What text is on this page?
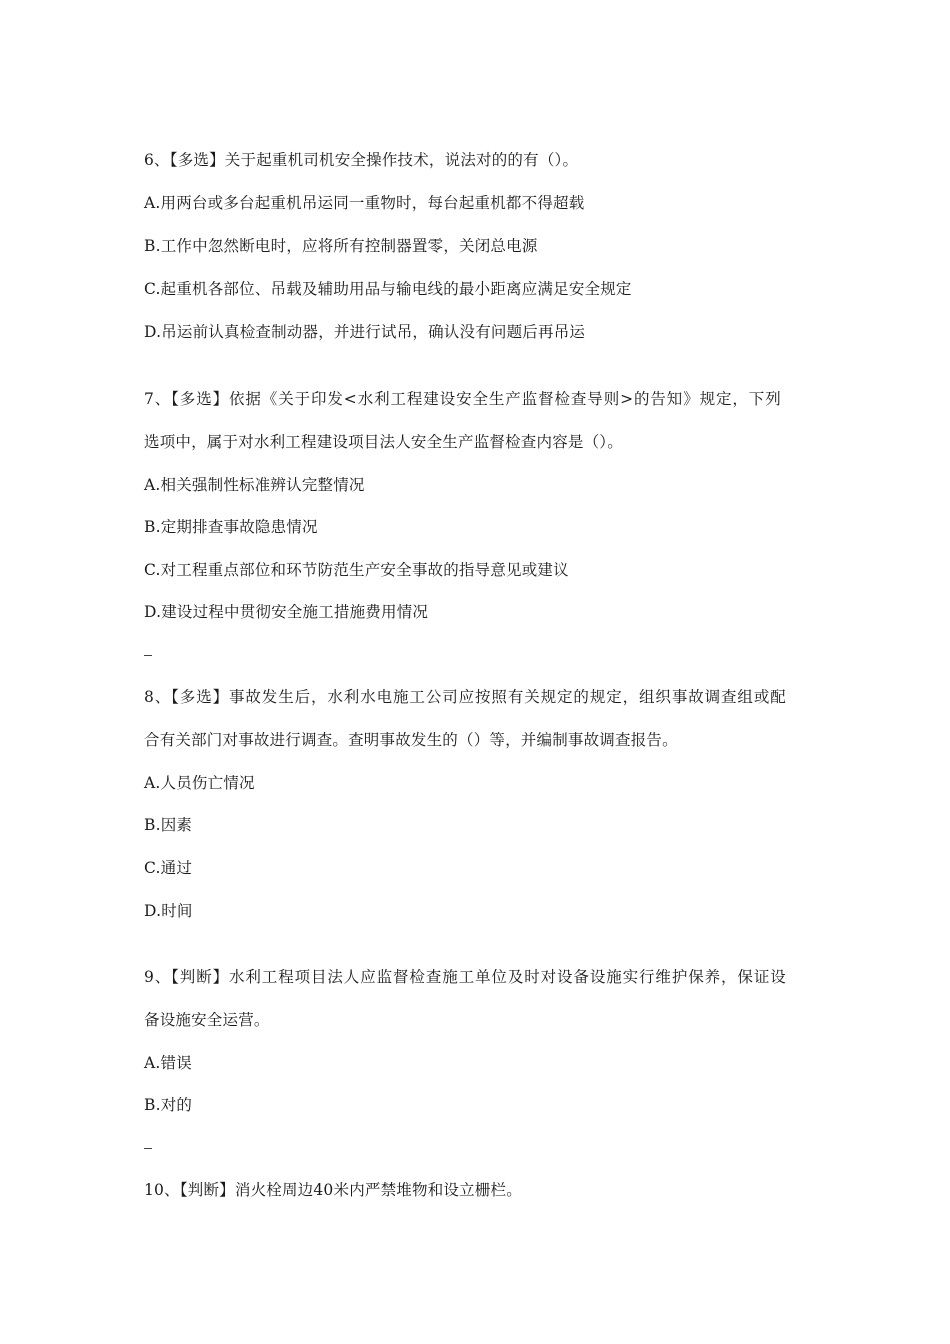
6、【多选】关于起重机司机安全操作技术，说法对的的有（）。
A.用两台或多台起重机吊运同一重物时，每台起重机都不得超载
B.工作中忽然断电时，应将所有控制器置零，关闭总电源
C.起重机各部位、吊载及辅助用品与输电线的最小距离应满足安全规定
D.吊运前认真检查制动器，并进行试吊，确认没有问题后再吊运
7、【多选】依据《关于印发<水利工程建设安全生产监督检查导则>的告知》规定，下列
选项中，属于对水利工程建设项目法人安全生产监督检查内容是（）。
A.相关强制性标准辨认完整情况
B.定期排查事故隐患情况
C.对工程重点部位和环节防范生产安全事故的指导意见或建议
D.建设过程中贯彻安全施工措施费用情况
8、【多选】事故发生后，水利水电施工公司应按照有关规定的规定，组织事故调查组或配
合有关部门对事故进行调查。查明事故发生的（）等，并编制事故调查报告。
A.人员伤亡情况
B.因素
C.通过
D.时间
9、【判断】水利工程项目法人应监督检查施工单位及时对设备设施实行维护保养，保证设
备设施安全运营。
A.错误
B.对的
10、【判断】消火栓周边40米内严禁堆物和设立栅栏。
